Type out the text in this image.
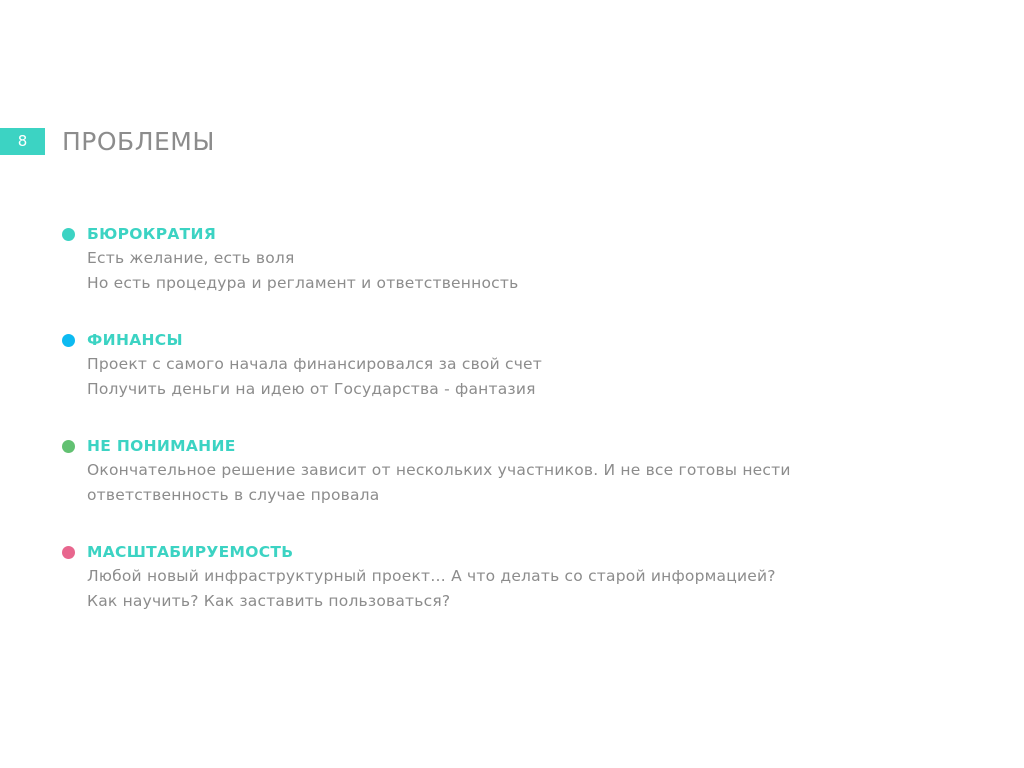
8	ПРОБЛЕМЫ
БЮРОКРАТИЯ
Есть желание, есть воля
Но есть процедура и регламент и ответственность
ФИНАНСЫ
Проект с самого начала финансировался за свой счет
Получить деньги на идею от Государства - фантазия
НЕ ПОНИМАНИЕ
Окончательное решение зависит от нескольких участников. И не все готовы нести
ответственность в случае провала
МАСШТАБИРУЕМОСТЬ
Любой новый инфраструктурный проект… А что делать со старой информацией?
Как научить? Как заставить пользоваться?
